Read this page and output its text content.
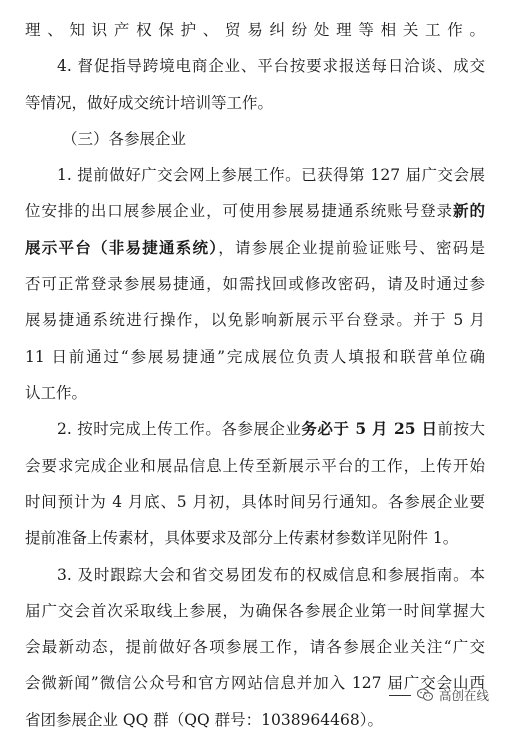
理、知识产权保护、贸易纠纷处理等相关工作。
4. 督促指导跨境电商企业、平台按要求报送每日洽谈、成交
等情况，做好成交统计培训等工作。
（三）各参展企业
1. 提前做好广交会网上参展工作。已获得第 127 届广交会展
位安排的出口展参展企业，可使用参展易捷通系统账号登录新的
展示平台（非易捷通系统），请参展企业提前验证账号、密码是
否可正常登录参展易捷通，如需找回或修改密码，请及时通过参
展易捷通系统进行操作，以免影响新展示平台登录。并于 5 月
11 日前通过“参展易捷通”完成展位负责人填报和联营单位确
认工作。
2. 按时完成上传工作。各参展企业务必于 5 月 25 日前按大
会要求完成企业和展品信息上传至新展示平台的工作，上传开始
时间预计为 4 月底、5 月初，具体时间另行通知。各参展企业要
提前准备上传素材，具体要求及部分上传素材参数详见附件 1。
3. 及时跟踪大会和省交易团发布的权威信息和参展指南。本
届广交会首次采取线上参展，为确保各参展企业第一时间掌握大
会最新动态，提前做好各项参展工作，请各参展企业关注“广交
会微新闻”微信公众号和官方网站信息并加入 127 届广交会山西
省团参展企业 QQ 群（QQ 群号：1038964468）。
高创在线
